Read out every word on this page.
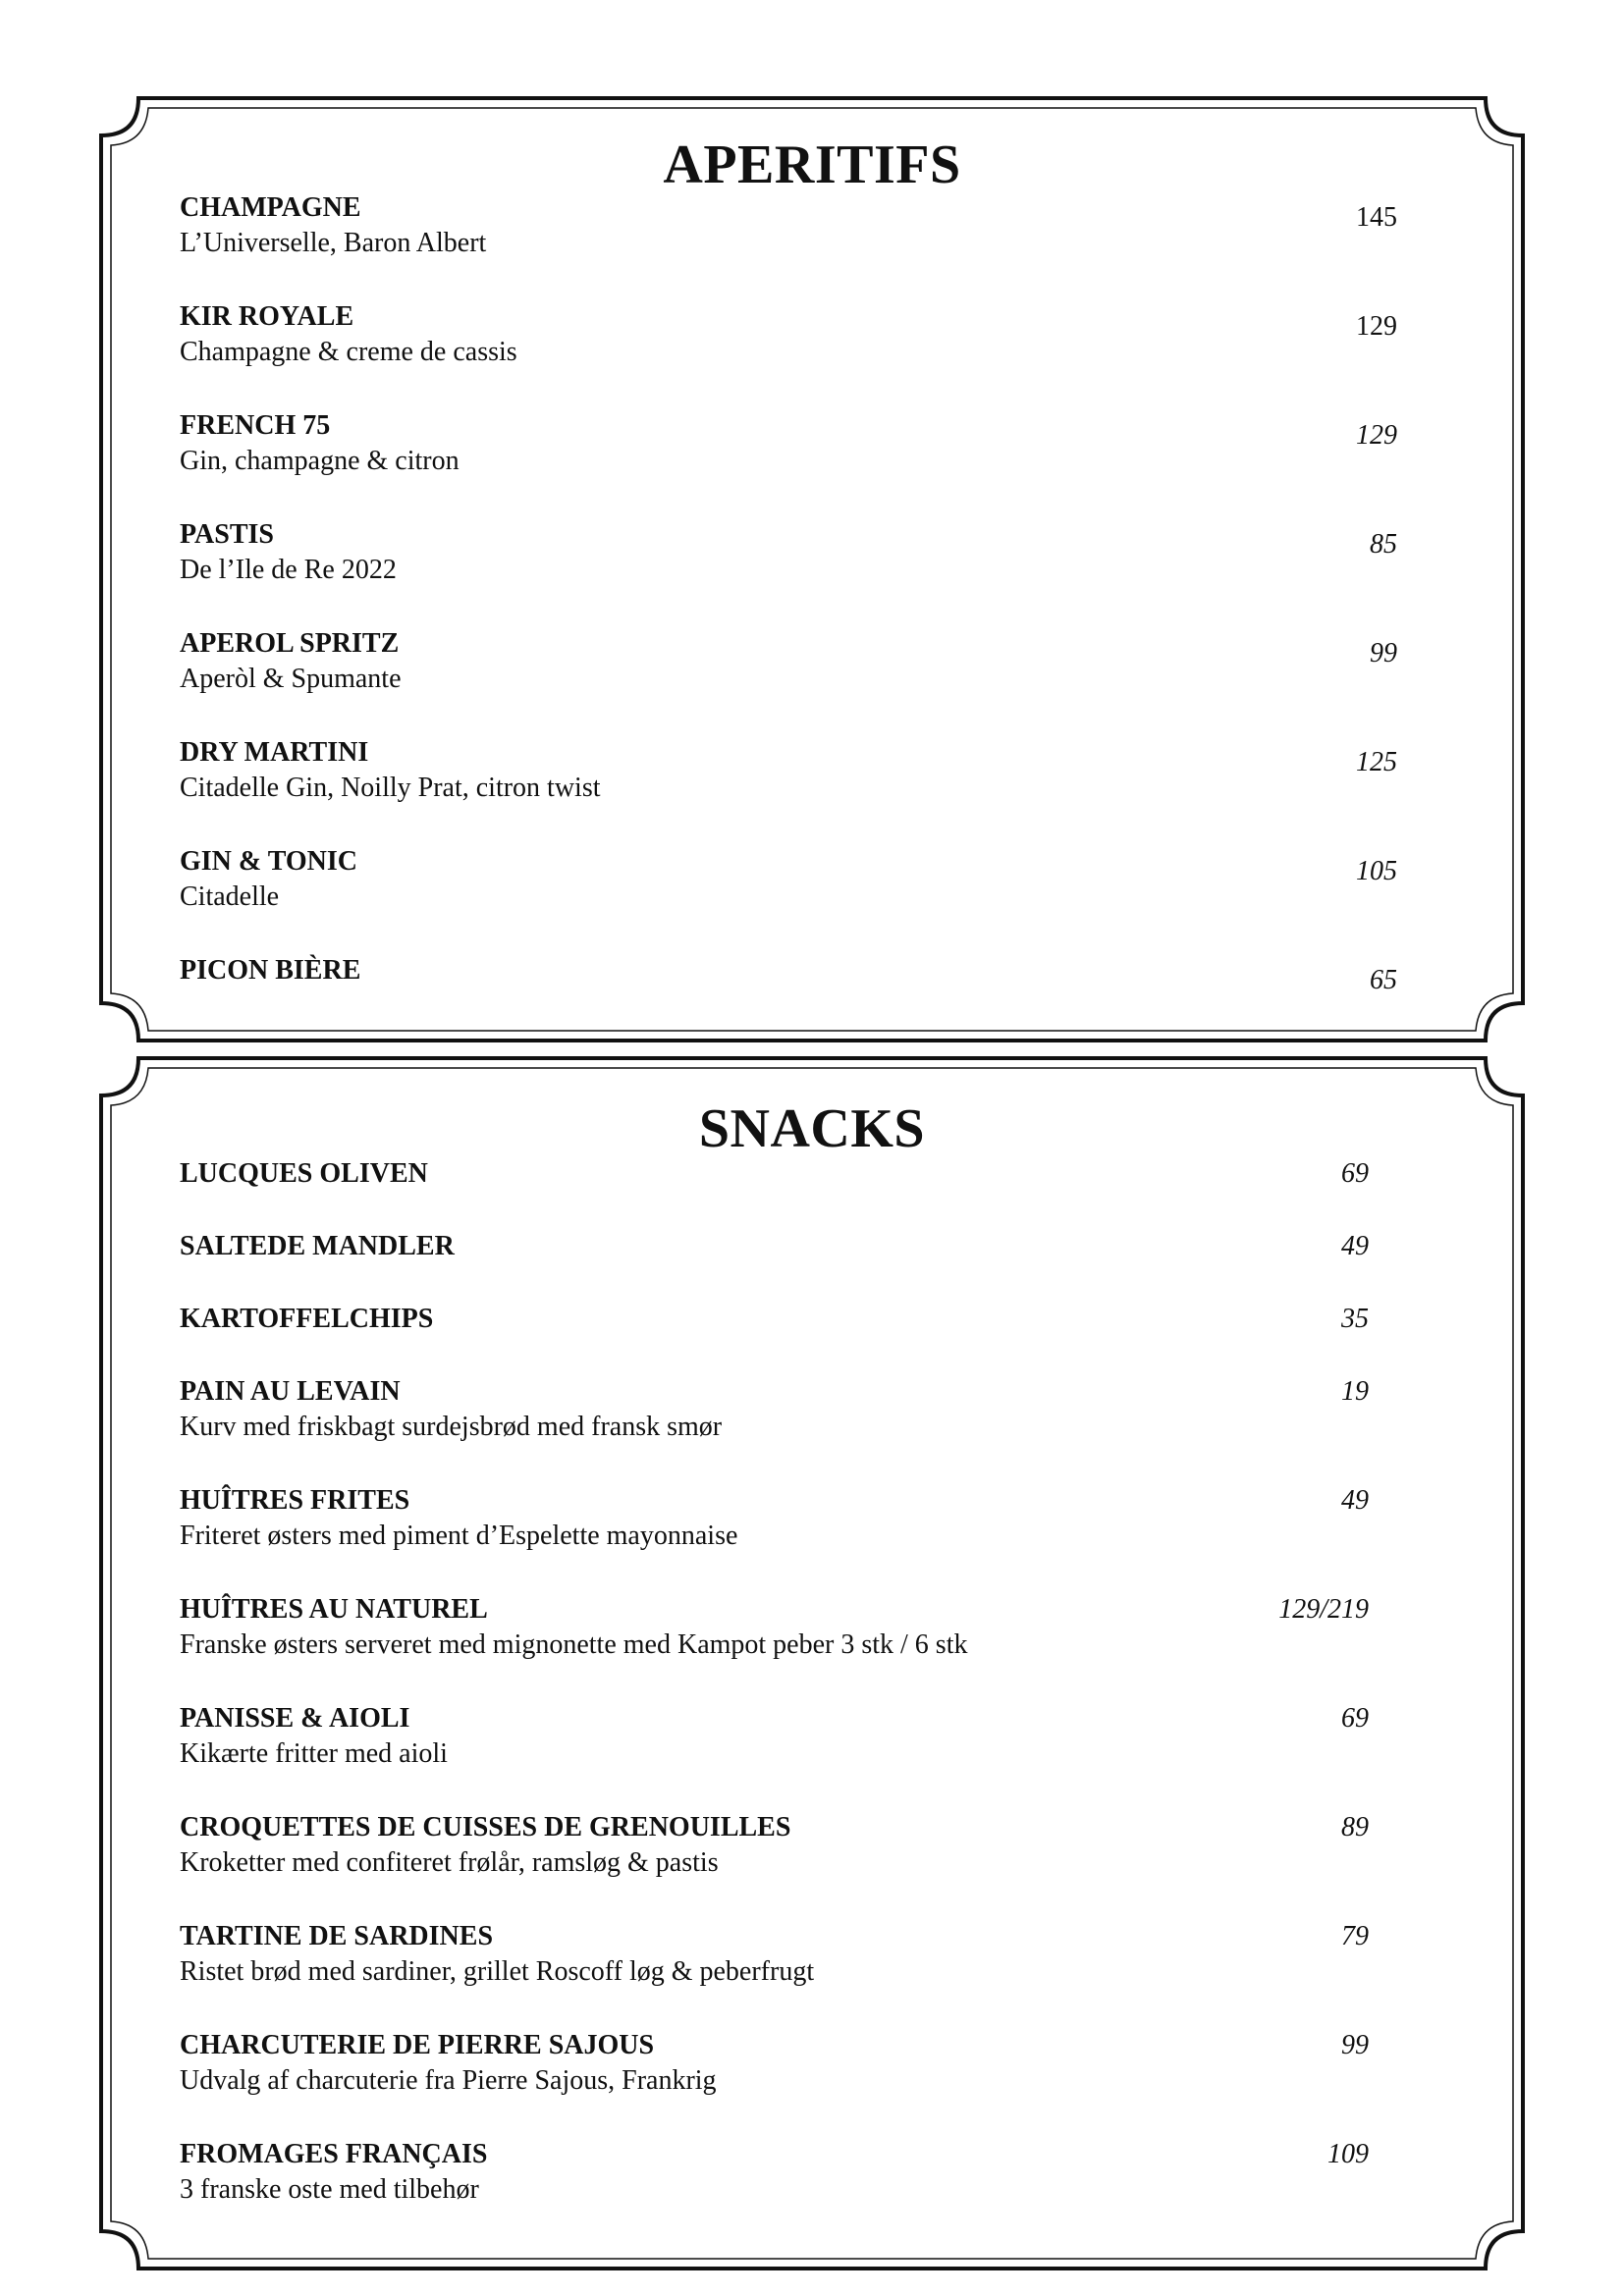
APERITIFS
CHAMPAGNE
L’Universelle, Baron Albert
145
KIR ROYALE
Champagne & creme de cassis
129
FRENCH 75
Gin, champagne & citron
129
PASTIS
De l’Ile de Re 2022
85
APEROL SPRITZ
Aperòl & Spumante
99
DRY MARTINI
Citadelle Gin, Noilly Prat, citron twist
125
GIN & TONIC
Citadelle
105
PICON BIÈRE	65
SNACKS
LUCQUES OLIVEN	69
SALTEDE MANDLER	49
KARTOFFELCHIPS	35
PAIN AU LEVAIN
Kurv med friskbagt surdejsbrød med fransk smør
19
HUÎTRES FRITES
Friteret østers med piment d’Espelette mayonnaise
49
HUÎTRES AU NATUREL
Franske østers serveret med mignonette med Kampot peber 3 stk / 6 stk
129/219
PANISSE & AIOLI
Kikærte fritter med aioli
69
CROQUETTES DE CUISSES DE GRENOUILLES
Kroketter med confiteret frølår, ramsløg & pastis
89
TARTINE DE SARDINES
Ristet brød med sardiner, grillet Roscoff løg & peberfrugt
79
CHARCUTERIE DE PIERRE SAJOUS
Udvalg af charcuterie fra Pierre Sajous, Frankrig
99
FROMAGES FRANÇAIS
3 franske oste med tilbehør
109
